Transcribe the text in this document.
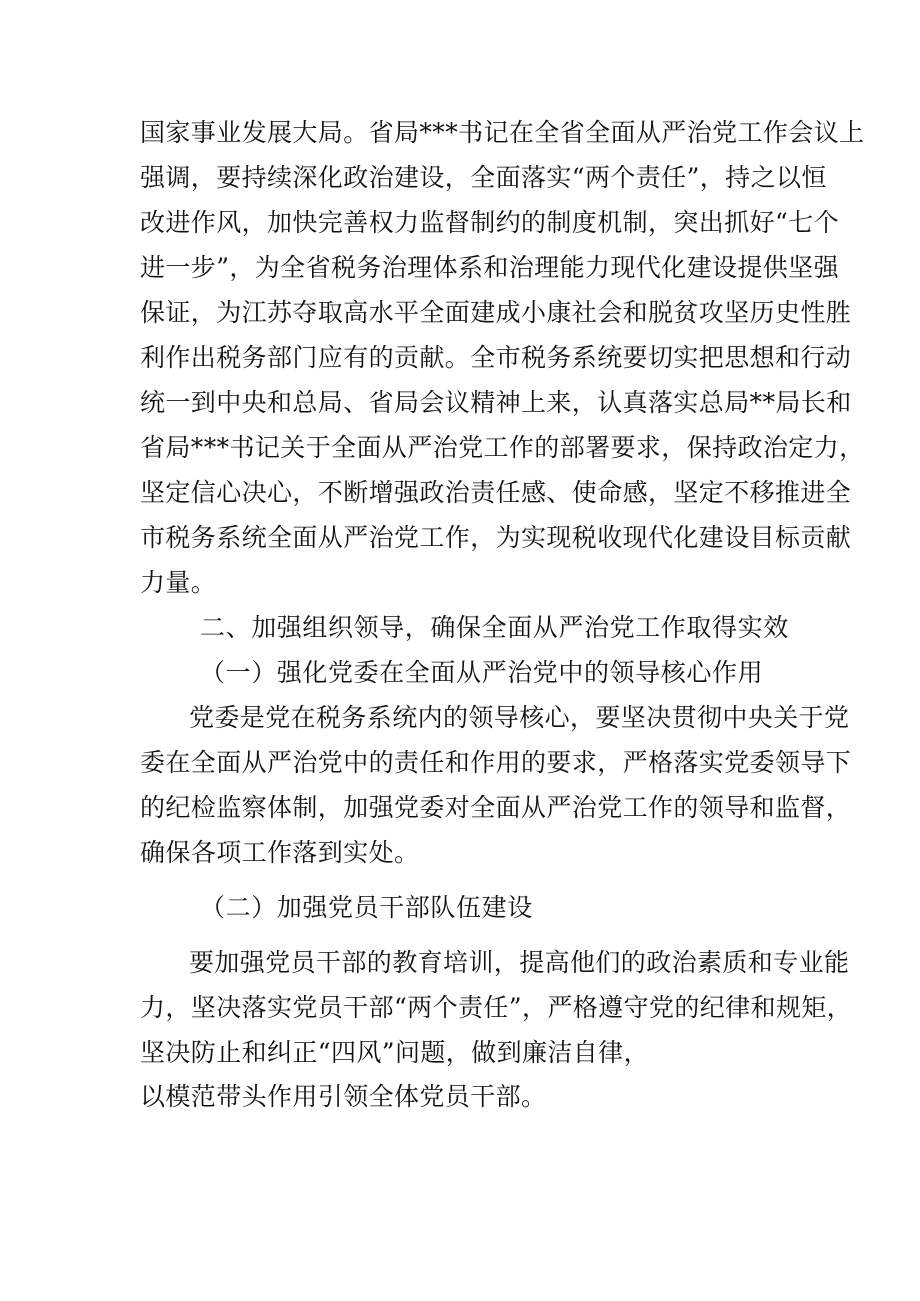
国家事业发展大局。省局***书记在全省全面从严治党工作会议上
强调，要持续深化政治建设，全面落实“两个责任”，持之以恒
改进作风，加快完善权力监督制约的制度机制，突出抓好“七个
进一步”，为全省税务治理体系和治理能力现代化建设提供坚强
保证，为江苏夺取高水平全面建成小康社会和脱贫攻坚历史性胜
利作出税务部门应有的贡献。全市税务系统要切实把思想和行动
统一到中央和总局、省局会议精神上来，认真落实总局**局长和
省局***书记关于全面从严治党工作的部署要求，保持政治定力，
坚定信心决心，不断增强政治责任感、使命感，坚定不移推进全
市税务系统全面从严治党工作，为实现税收现代化建设目标贡献
力量。
二、加强组织领导，确保全面从严治党工作取得实效
（一）强化党委在全面从严治党中的领导核心作用
党委是党在税务系统内的领导核心，要坚决贯彻中央关于党
委在全面从严治党中的责任和作用的要求，严格落实党委领导下
的纪检监察体制，加强党委对全面从严治党工作的领导和监督，
确保各项工作落到实处。
（二）加强党员干部队伍建设
要加强党员干部的教育培训，提高他们的政治素质和专业能
力，坚决落实党员干部“两个责任”，严格遵守党的纪律和规矩，
坚决防止和纠正“四风”问题，做到廉洁自律，
以模范带头作用引领全体党员干部。
